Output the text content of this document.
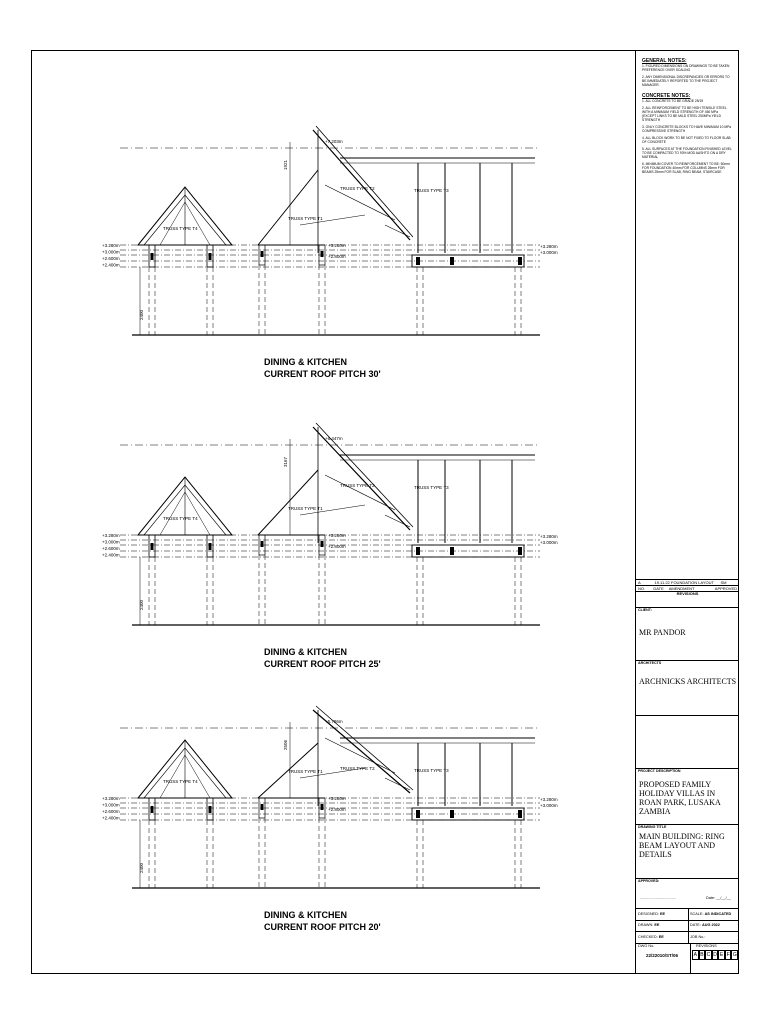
TRUSS TYPE T4
+3.280m
+3.000m
+2.600m
+2.400m
2400
TRUSS TYPE T2
TRUSS TYPE T1
+7.203m
+3.280m
+2.800m
1921
TRUSS TYPE T3
+3.280m
+3.000m
DINING & KITCHEN
CURRENT ROOF PITCH 30'
TRUSS TYPE T4
+3.280m
+3.000m
+2.600m
+2.400m
2400
TRUSS TYPE T2
TRUSS TYPE T1
+6.447m
+3.280m
+2.800m
3167
TRUSS TYPE T3
+3.280m
+3.000m
DINING & KITCHEN
CURRENT ROOF PITCH 25'
TRUSS TYPE T4
+3.280m
+3.000m
+2.600m
+2.400m
2400
TRUSS TYPE T2
TRUSS TYPE T1
+5.786m
+3.280m
+2.800m
2506
TRUSS TYPE T3
+3.280m
+3.000m
DINING & KITCHEN
CURRENT ROOF PITCH 20'
GENERAL NOTES:
1. FIGURED DIMENSIONS ON DRAWINGS TO BE TAKEN PREFERENCE OVER SCALING
2. ANY DIMENSIONAL DISCREPANCIES OR ERRORS TO BE IMMEDIATELY REPORTED TO THE PROJECT MANAGER.
CONCRETE NOTES:
1. ALL CONCRETE TO BE GRADE 25/19
2. ALL REINFORCEMENT TO BE HIGH TENSILE STEEL WITH A MINIMUM YIELD STRENGTH OF 450 MPa (EXCEPT LINKS TO BE MILD STEEL 250MPa YIELD STRENGTH
3. ONLY CONCRETE BLOCKS TO HAVE MINIMUM 10 MPa COMPRESSIVE STRENGTH
4. ALL BLOCK WORK TO BE NOT FIXED TO FLOOR SLAB OF CONCRETE
5. ALL SURFACES AT THE FOUNDATION FINISHED LEVEL TO BE COMPACTED TO 93% MOD AASHTO ON A DRY MATERIAL
6. MINIMUM COVER TO REINFORCEMENT TO BE: 50mm FOR FOUNDATION 40mm FOR COLUMNS 25mm FOR BEAMS 25mm FOR SLAB, RING BEAM, STAIRCASE
A	19.11.22 FOUNDATION LAYOUT	SM
NO.	DATE	AMENDMENT	APPROVED
REVISIONS
CLIENT:
MR PANDOR
ARCHITECTS
ARCHNICKS ARCHITECTS
PROJECT DESCRIPTION
PROPOSED FAMILY HOLIDAY VILLAS IN ROAN PARK, LUSAKA ZAMBIA
DRAWING TITLE
MAIN BUILDING: RING BEAM LAYOUT AND DETAILS
APPROVED:
..................................	Date: __/__/__
DESIGNED: EE	SCALE: AS INDICATED
DRAWN: EE	DATE: AUG 2022
CHECKED: EE	JOB No.:
DWG No.	REVISIONS
22/22010/ST/06	A B C D E F G
